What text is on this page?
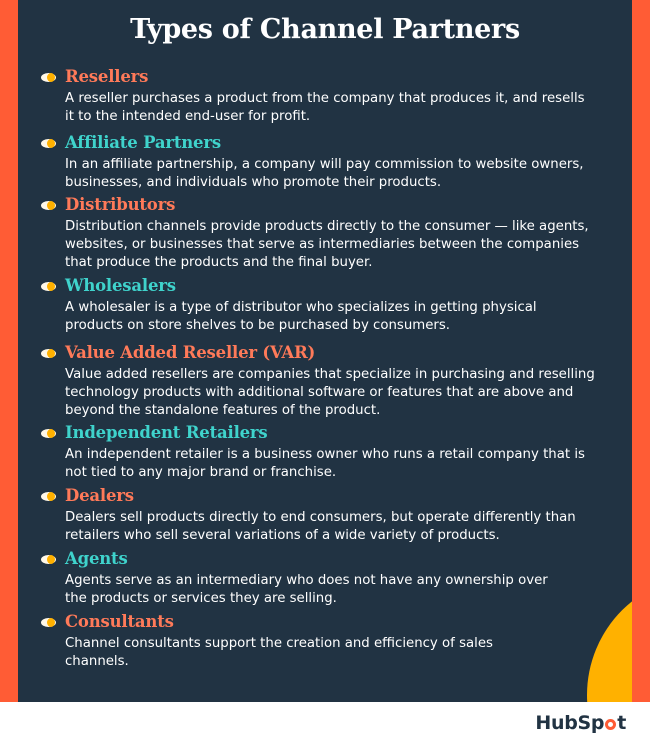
Types of Channel Partners
Resellers
A reseller purchases a product from the company that produces it, and resells
it to the intended end-user for profit.
Affiliate Partners
In an affiliate partnership, a company will pay commission to website owners,
businesses, and individuals who promote their products.
Distributors
Distribution channels provide products directly to the consumer — like agents,
websites, or businesses that serve as intermediaries between the companies
that produce the products and the final buyer.
Wholesalers
A wholesaler is a type of distributor who specializes in getting physical
products on store shelves to be purchased by consumers.
Value Added Reseller (VAR)
Value added resellers are companies that specialize in purchasing and reselling
technology products with additional software or features that are above and
beyond the standalone features of the product.
Independent Retailers
An independent retailer is a business owner who runs a retail company that is
not tied to any major brand or franchise.
Dealers
Dealers sell products directly to end consumers, but operate differently than
retailers who sell several variations of a wide variety of products.
Agents
Agents serve as an intermediary who does not have any ownership over
the products or services they are selling.
Consultants
Channel consultants support the creation and efficiency of sales
channels.
HubSp t
